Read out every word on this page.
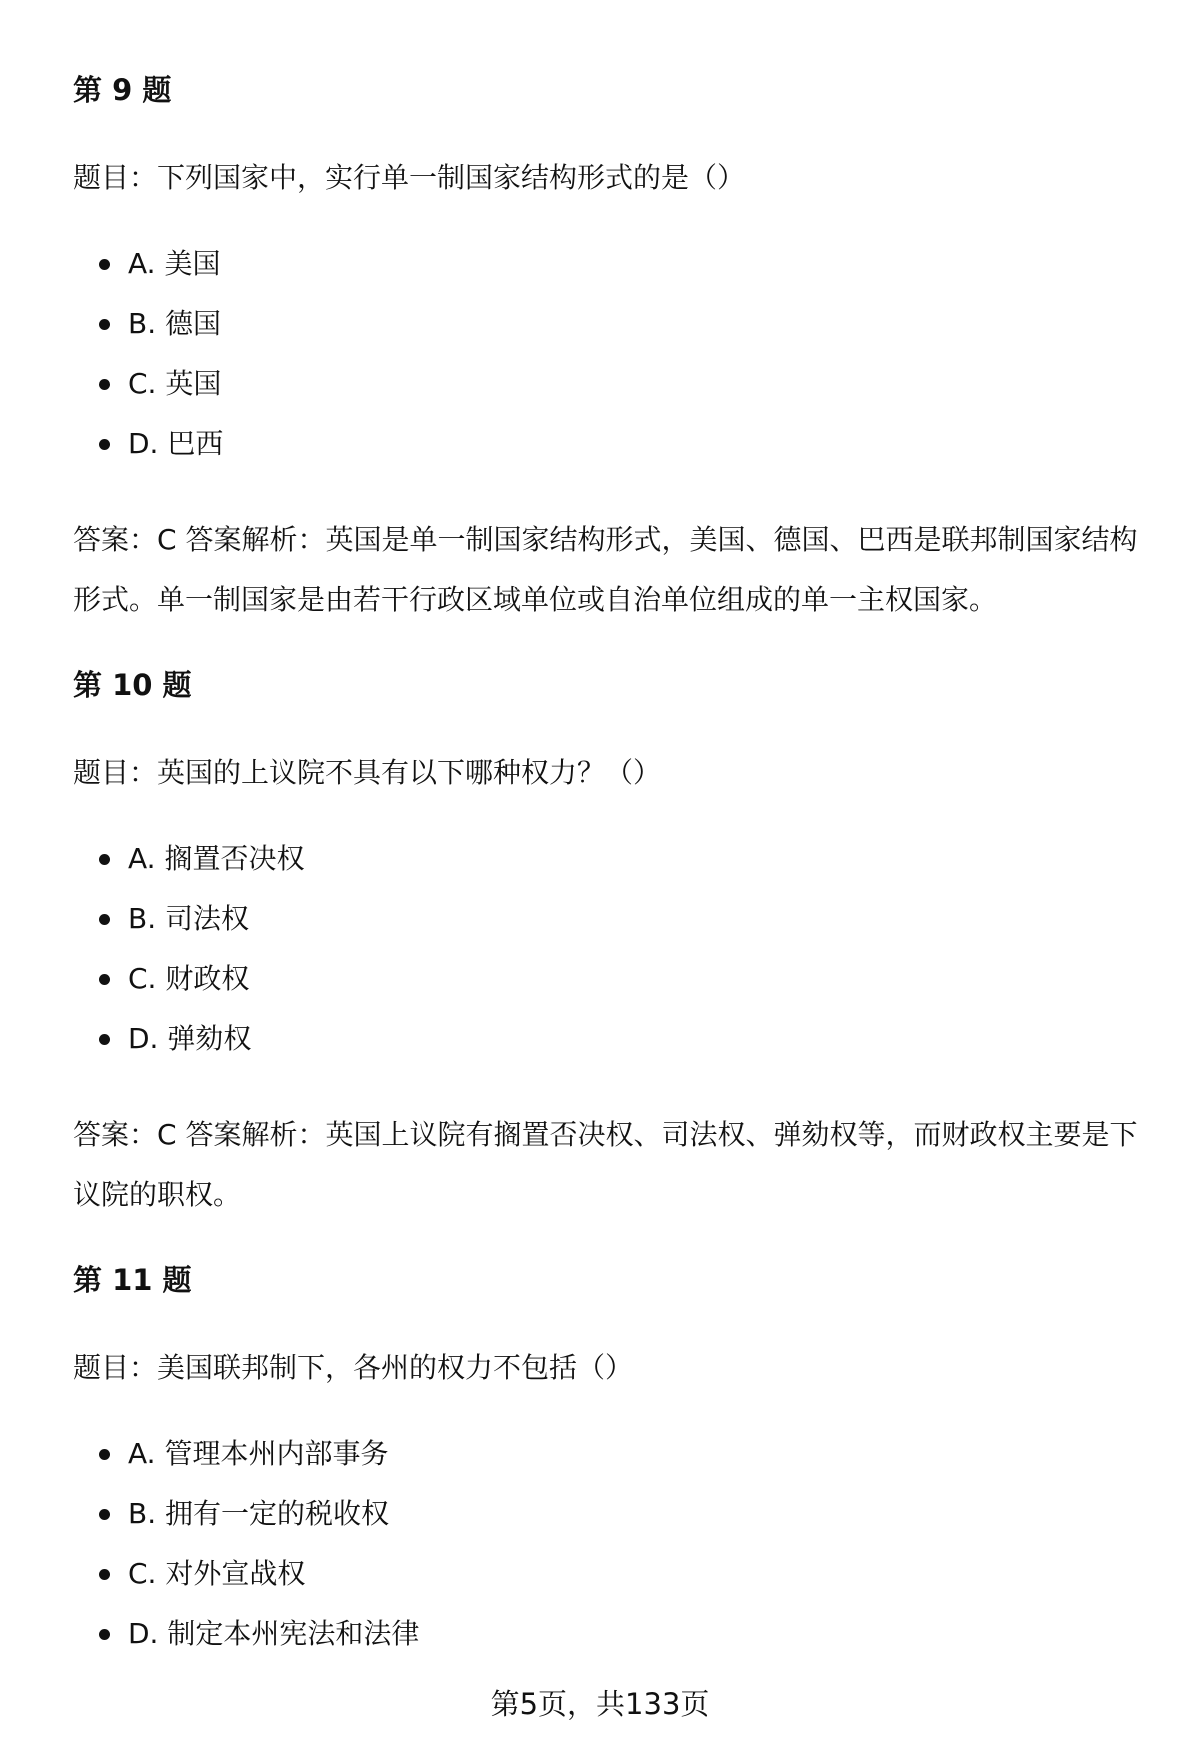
第 9 题

题目：下列国家中，实行单一制国家结构形式的是（）

A. 美国
B. 德国
C. 英国
D. 巴西

答案：C 答案解析：英国是单一制国家结构形式，美国、德国、巴西是联邦制国家结构形式。单一制国家是由若干行政区域单位或自治单位组成的单一主权国家。

第 10 题

题目：英国的上议院不具有以下哪种权力？（）

A. 搁置否决权
B. 司法权
C. 财政权
D. 弹劾权

答案：C 答案解析：英国上议院有搁置否决权、司法权、弹劾权等，而财政权主要是下议院的职权。

第 11 题

题目：美国联邦制下，各州的权力不包括（）

A. 管理本州内部事务
B. 拥有一定的税收权
C. 对外宣战权
D. 制定本州宪法和法律
第5页，共133页
